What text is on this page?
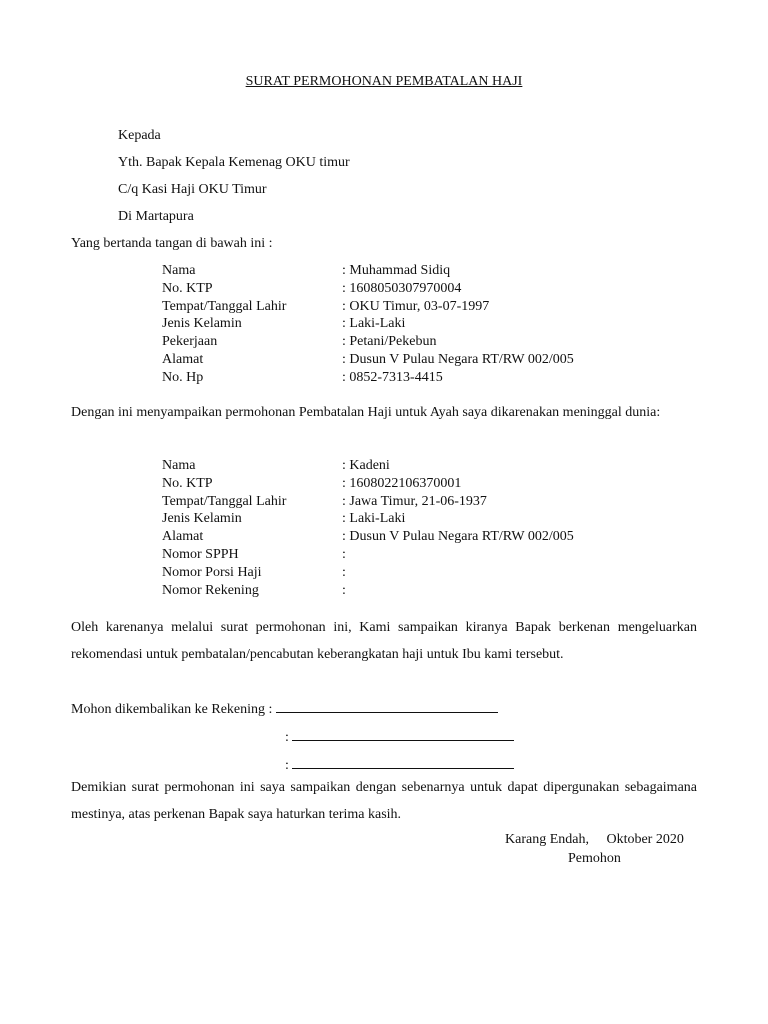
SURAT PERMOHONAN PEMBATALAN HAJI
Kepada
Yth. Bapak Kepala Kemenag OKU timur
C/q Kasi Haji OKU Timur
Di Martapura
Yang bertanda tangan di bawah ini :
Nama	: Muhammad Sidiq
No. KTP	: 1608050307970004
Tempat/Tanggal Lahir	: OKU Timur, 03-07-1997
Jenis Kelamin	: Laki-Laki
Pekerjaan	: Petani/Pekebun
Alamat	: Dusun V Pulau Negara RT/RW 002/005
No. Hp	: 0852-7313-4415
Dengan ini menyampaikan permohonan Pembatalan Haji untuk Ayah saya dikarenakan meninggal dunia:
Nama	: Kadeni
No. KTP	: 1608022106370001
Tempat/Tanggal Lahir	: Jawa Timur, 21-06-1937
Jenis Kelamin	: Laki-Laki
Alamat	: Dusun V Pulau Negara RT/RW 002/005
Nomor SPPH	:
Nomor Porsi Haji	:
Nomor Rekening	:
Oleh karenanya melalui surat permohonan ini, Kami sampaikan kiranya Bapak berkenan mengeluarkan rekomendasi untuk pembatalan/pencabutan keberangkatan haji untuk Ibu kami tersebut.
Mohon dikembalikan ke Rekening :
:
:
Demikian surat permohonan ini saya sampaikan dengan sebenarnya untuk dapat dipergunakan sebagaimana mestinya, atas perkenan Bapak saya haturkan terima kasih.
Karang Endah,     Oktober 2020
Pemohon
